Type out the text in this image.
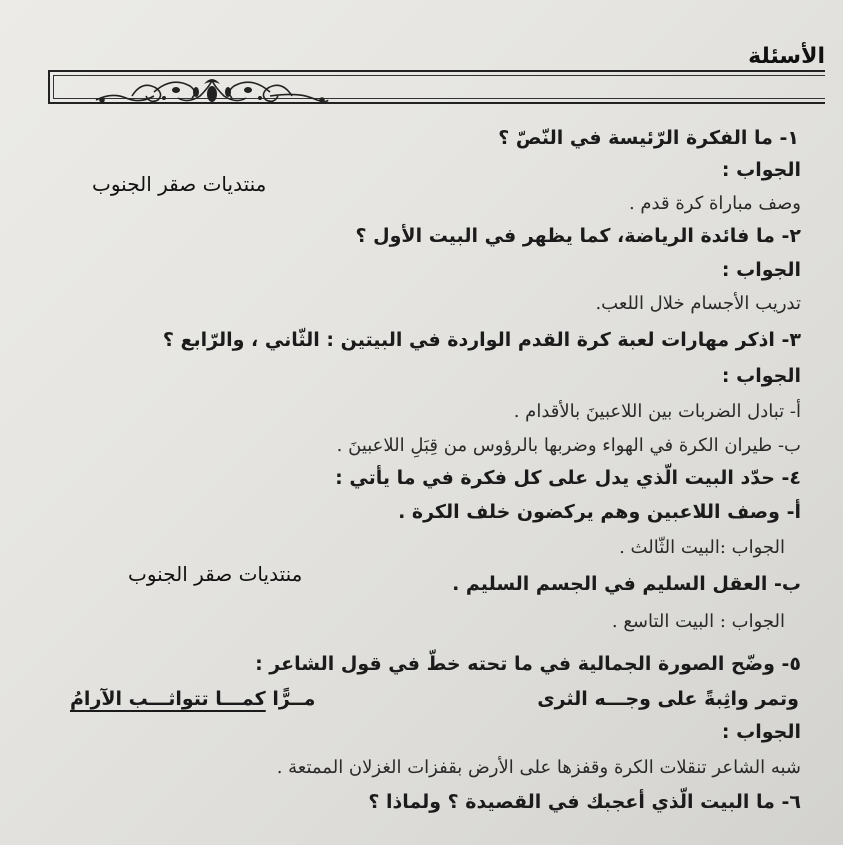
الأسئلة
منتديات صقر الجنوب
منتديات صقر الجنوب
١- ما الفكرة الرّئيسة في النّصّ ؟
الجواب :
وصف مباراة كرة قدم .
٢- ما فائدة الرياضة، كما يظهر في البيت الأول ؟
الجواب :
تدريب الأجسام خلال اللعب.
٣- اذكر مهارات لعبة كرة القدم الواردة في البيتين : الثّاني ، والرّابع ؟
الجواب :
أ- تبادل الضربات بين اللاعبينَ بالأقدام .
ب- طيران الكرة في الهواء وضربها بالرؤوس من قِبَلِ اللاعبينَ .
٤- حدّد البيت الّذي يدل على كل فكرة في ما يأتي :
أ- وصف اللاعبين وهم يركضون خلف الكرة .
الجواب :البيت الثّالث .
ب- العقل السليم في الجسم السليم .
الجواب : البيت التاسع .
٥- وضّح الصورة الجمالية في ما تحته خطّ في قول الشاعر :
وتمر واثِبةً على وجـــه الثرى
مــرًّا كمـــا تتواثـــب الآرامُ
الجواب :
شبه الشاعر تنقلات الكرة وقفزها على الأرض بقفزات الغزلان الممتعة .
٦- ما البيت الّذي أعجبك في القصيدة ؟ ولماذا ؟
